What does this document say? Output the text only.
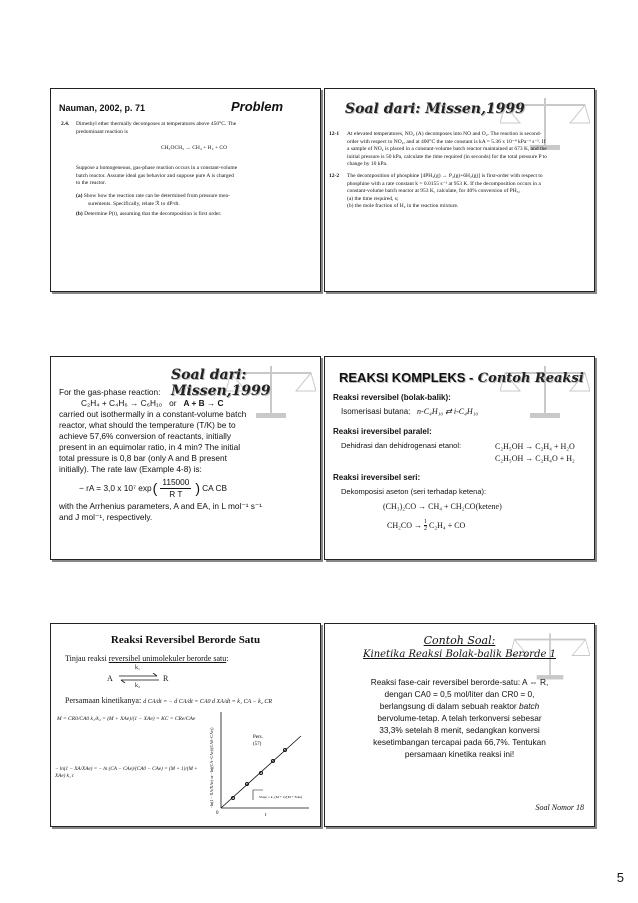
Nauman, 2002, p. 71	Problem
2.4. Dimethyl ether thermally decomposes at temperatures above 450°C. The
predominant reaction is
CH₃OCH₃ → CH₄ + H₂ + CO
Suppose a homogeneous, gas-phase reaction occurs in a constant-volume
batch reactor. Assume ideal gas behavior and suppose pure A is charged
to the reactor.
(a) Show how the reaction rate can be determined from pressure mea-
surements. Specifically, relate ℛ to dP/dt.
(b) Determine P(t), assuming that the decomposition is first order.
Soal dari: Missen,1999
12-1 At elevated temperatures, NO₂ (A) decomposes into NO and O₂. The reaction is second-
order with respect to NO₂, and at 400°C the rate constant is kA = 5.36 x 10⁻⁴ kPa⁻¹ s⁻¹. If
a sample of NO₂ is placed in a constant-volume batch reactor maintained at 673 K, and the
initial pressure is 50 kPa, calculate the time required (in seconds) for the total pressure P to
change by 10 kPa.
12-2 The decomposition of phosphine [4PH₃(g) → P₄(g)+6H₂(g)] is first-order with respect to
phosphine with a rate constant k = 0.0155 s⁻¹ at 953 K. If the decomposition occurs in a
constant-volume batch reactor at 953 K, calculate, for 40% conversion of PH₃,
(a) the time required, s;
(b) the mole fraction of H₂ in the reaction mixture.
Soal dari: Missen,1999
For the gas-phase reaction:
C₂H₄ + C₄H₆ → C₆H₁₀ or A + B → C
carried out isothermally in a constant-volume batch
reactor, what should the temperature (T/K) be to
achieve 57,6% conversion of reactants, initially
present in an equimolar ratio, in 4 min? The initial
total pressure is 0,8 bar (only A and B present
initially). The rate law (Example 4-8) is:
− rA = 3,0 x 10⁷ exp ( $\frac{115000}{\text{R T}}$ ) CA CB
with the Arrhenius parameters, A and EA, in L mol⁻¹ s⁻¹
and J mol⁻¹, respectively.
REAKSI KOMPLEKS - Contoh Reaksi
Reaksi reversibel (bolak-balik):
Isomerisasi butana: n-C₄H₁₀ ⇄ i-C₄H₁₀
Reaksi ireversibel paralel:
Dehidrasi dan dehidrogenasi etanol:	C₂H₅OH → C₂H₄ + H₂O
C₂H₅OH → C₂H₄O + H₂
Reaksi ireversibel seri:
Dekomposisi aseton (seri terhadap ketena):
(CH₃)₂CO → CH₄ + CH₂CO(ketene)
$CH_2CO \to \frac{1}{2} C_2H_4$ + CO
Reaksi Reversibel Berorde Satu
Tinjau reaksi reversibel unimolekuler berorde satu:
A
k₁
k₂
R
Persamaan kinetikanya: d CA/dt = − d CA/dt = CA0 d XA/dt = k₁ CA − k₂ CR
M = CR0/CA0 k₁/k₂ = (M + XAe)/(1 − XAe) = KC = CRe/CAe
− ln(1 − XA/XAe) = − ln (CA − CAe)/(CA0 − CAe) = (M + 1)/(M + XAe) k₁ t	−ln(1 − XA/XAe) or −ln((CA−CAe)/(CA0−CAe))	Pers.
(57)
Slope = k₁ (M + 1)/(M + XAe)
0	t
Contoh Soal:
Kinetika Reaksi Bolak-balik Berorde 1
Reaksi fase-cair reversibel berorde-satu: A ⇔ R,
dengan CA0 = 0,5 mol/liter dan CR0 = 0,
berlangsung di dalam sebuah reaktor batch
bervolume-tetap. A telah terkonversi sebesar
33,3% setelah 8 menit, sedangkan konversi
kesetimbangan tercapai pada 66,7%. Tentukan
persamaan kinetika reaksi ini!
Soal Nomor 18
5
